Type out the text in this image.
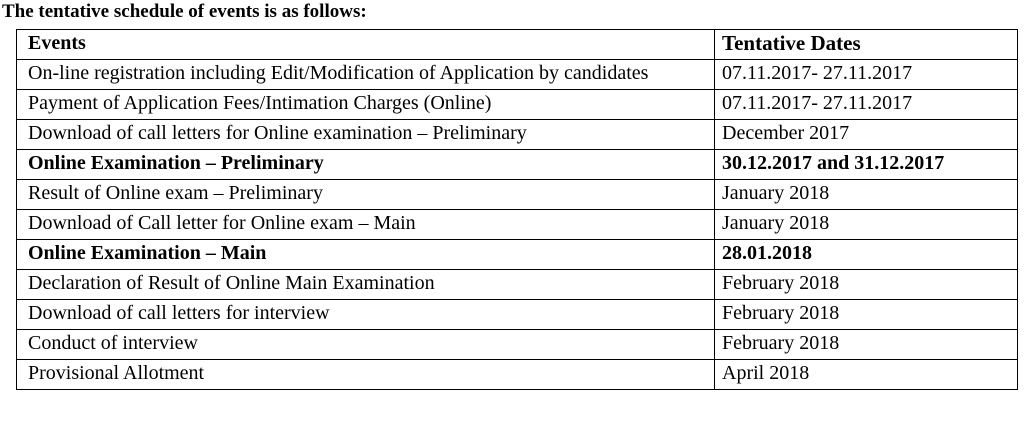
The tentative schedule of events is as follows:
Events	Tentative Dates
On-line registration including Edit/Modification of Application by candidates	07.11.2017- 27.11.2017
Payment of Application Fees/Intimation Charges (Online)	07.11.2017- 27.11.2017
Download of call letters for Online examination – Preliminary	December 2017
Online Examination – Preliminary	30.12.2017 and 31.12.2017
Result of Online exam – Preliminary	January 2018
Download of Call letter for Online exam – Main	January 2018
Online Examination – Main	28.01.2018
Declaration of Result of Online Main Examination	February 2018
Download of call letters for interview	February 2018
Conduct of interview	February 2018
Provisional Allotment	April 2018
